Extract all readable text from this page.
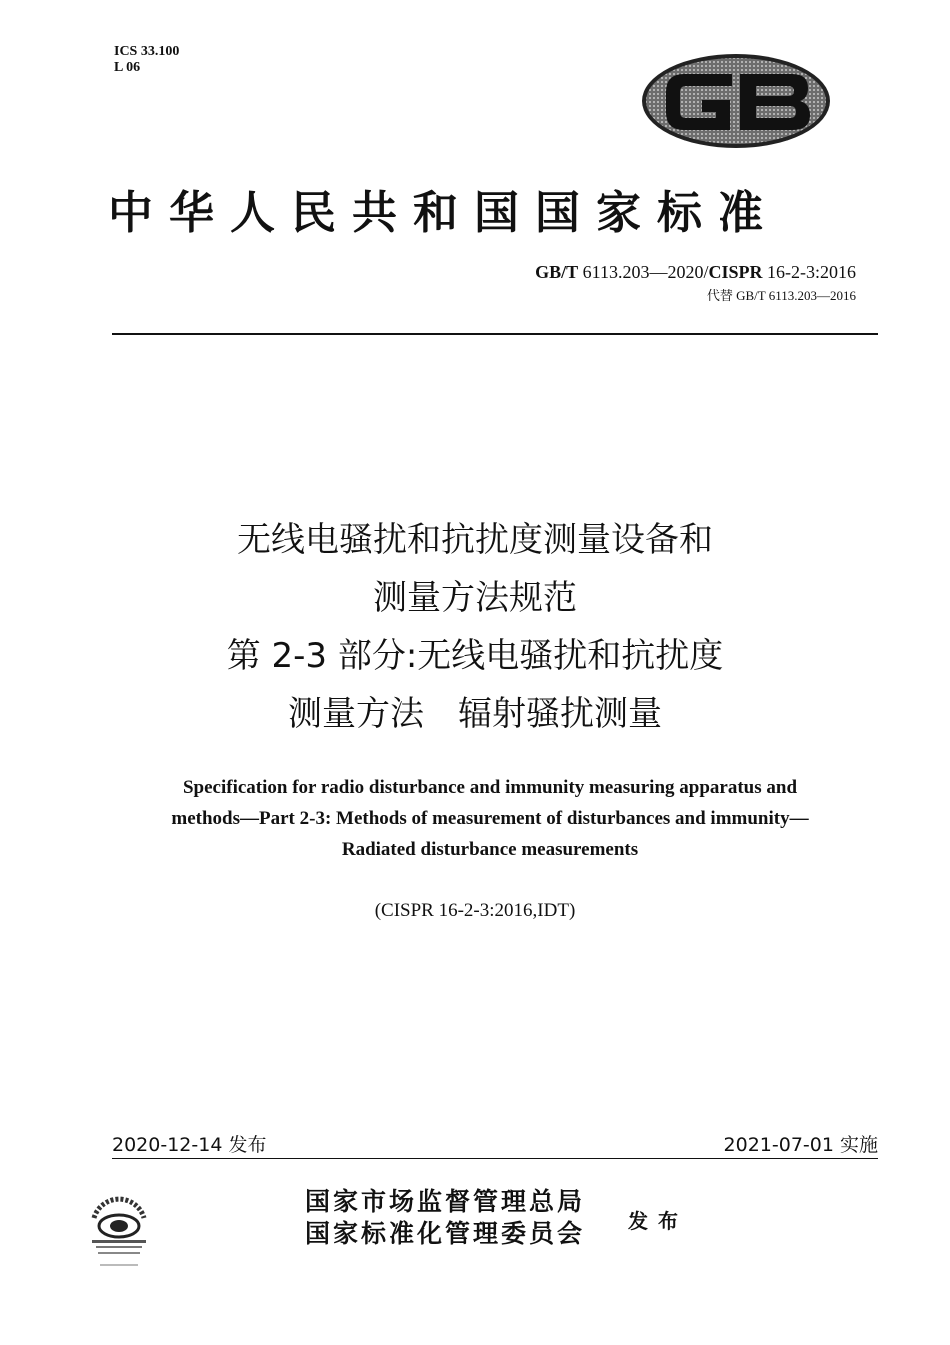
ICS 33.100
L 06
中华人民共和国国家标准
GB/T 6113.203—2020/CISPR 16-2-3:2016
代替 GB/T 6113.203—2016
无线电骚扰和抗扰度测量设备和
测量方法规范
第 2-3 部分:无线电骚扰和抗扰度
测量方法　辐射骚扰测量
Specification for radio disturbance and immunity measuring apparatus and
methods—Part 2-3: Methods of measurement of disturbances and immunity—
Radiated disturbance measurements
(CISPR 16-2-3:2016,IDT)
2020-12-14 发布	2021-07-01 实施
国家市场监督管理总局
国家标准化管理委员会 发布
